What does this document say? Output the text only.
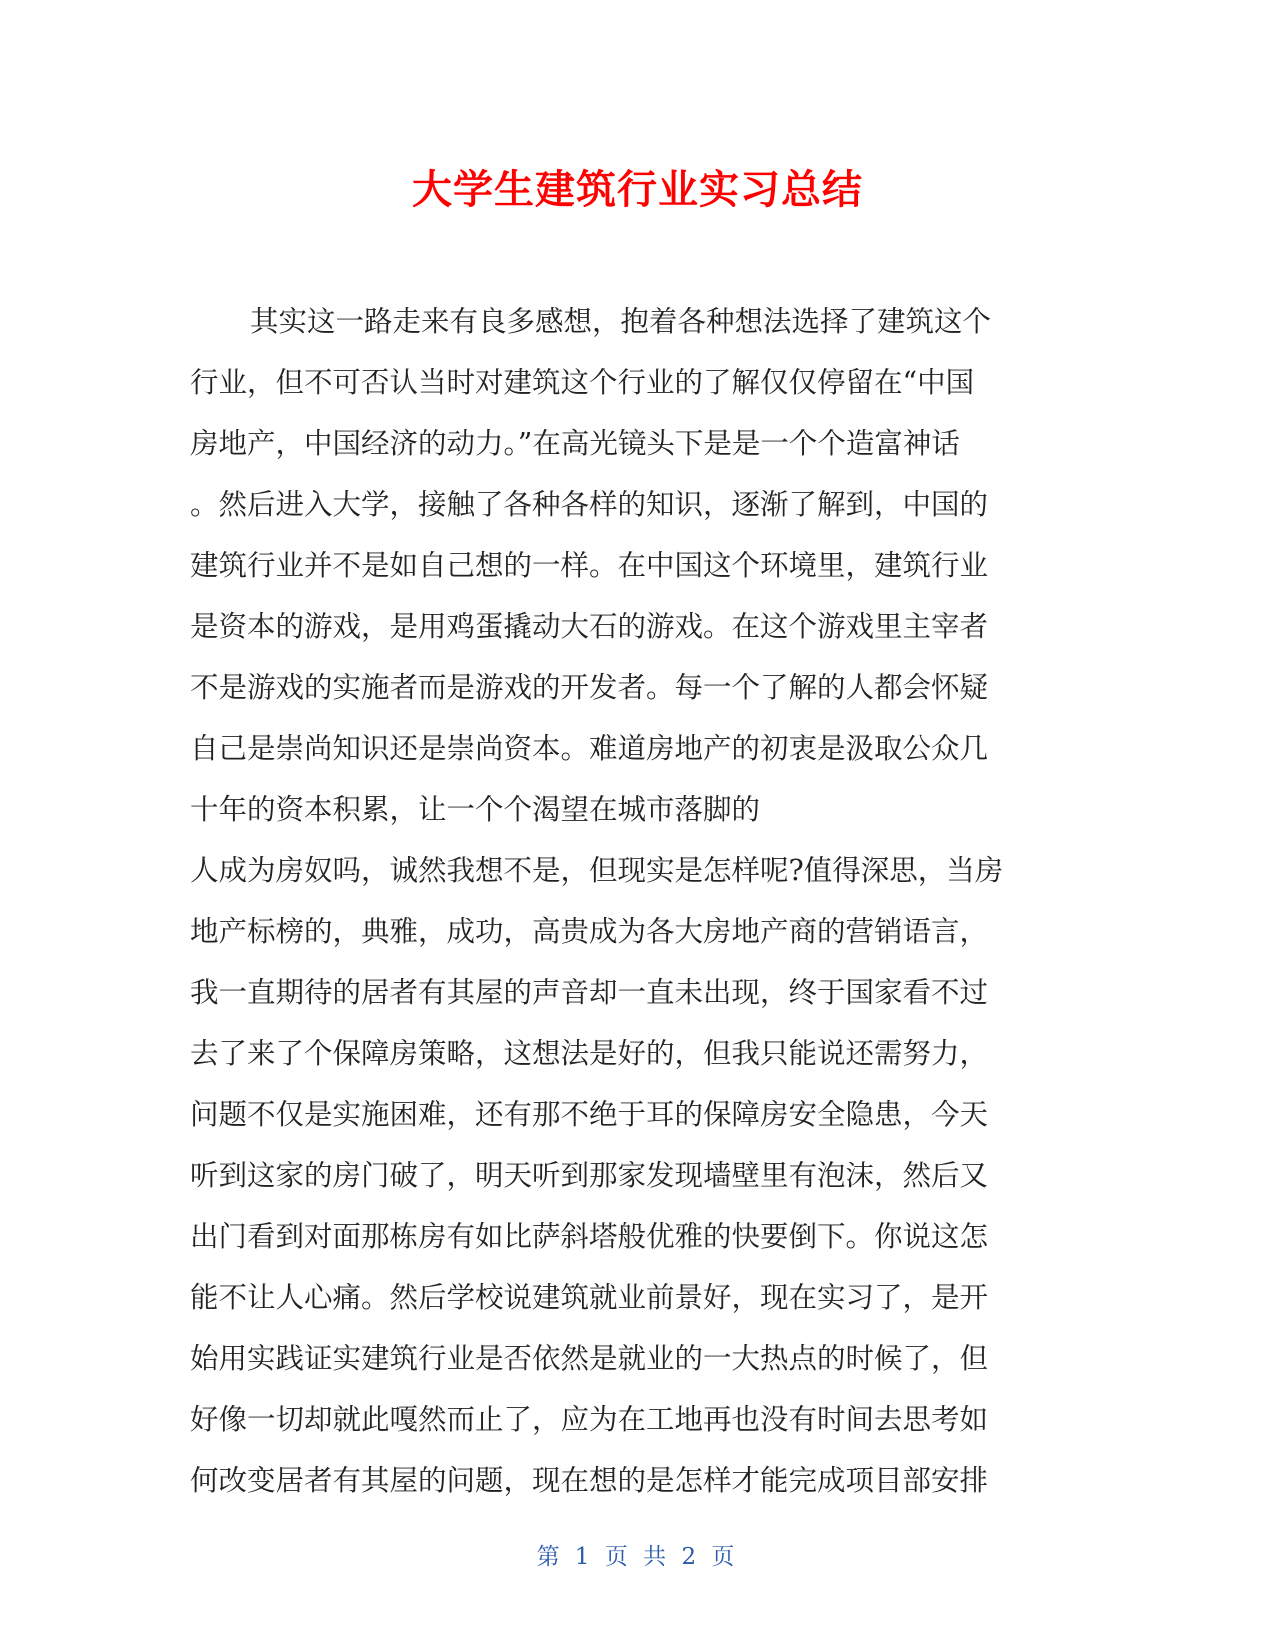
大学生建筑行业实习总结
其实这一路走来有良多感想，抱着各种想法选择了建筑这个
行业，但不可否认当时对建筑这个行业的了解仅仅停留在“中国
房地产，中国经济的动力。”在高光镜头下是是一个个造富神话
。然后进入大学，接触了各种各样的知识，逐渐了解到，中国的
建筑行业并不是如自己想的一样。在中国这个环境里，建筑行业
是资本的游戏，是用鸡蛋撬动大石的游戏。在这个游戏里主宰者
不是游戏的实施者而是游戏的开发者。每一个了解的人都会怀疑
自己是崇尚知识还是崇尚资本。难道房地产的初衷是汲取公众几
十年的资本积累，让一个个渴望在城市落脚的
人成为房奴吗，诚然我想不是，但现实是怎样呢?值得深思，当房
地产标榜的，典雅，成功，高贵成为各大房地产商的营销语言，
我一直期待的居者有其屋的声音却一直未出现，终于国家看不过
去了来了个保障房策略，这想法是好的，但我只能说还需努力，
问题不仅是实施困难，还有那不绝于耳的保障房安全隐患，今天
听到这家的房门破了，明天听到那家发现墙壁里有泡沫，然后又
出门看到对面那栋房有如比萨斜塔般优雅的快要倒下。你说这怎
能不让人心痛。然后学校说建筑就业前景好，现在实习了，是开
始用实践证实建筑行业是否依然是就业的一大热点的时候了，但
好像一切却就此嘎然而止了，应为在工地再也没有时间去思考如
何改变居者有其屋的问题，现在想的是怎样才能完成项目部安排
第 1 页 共 2 页
